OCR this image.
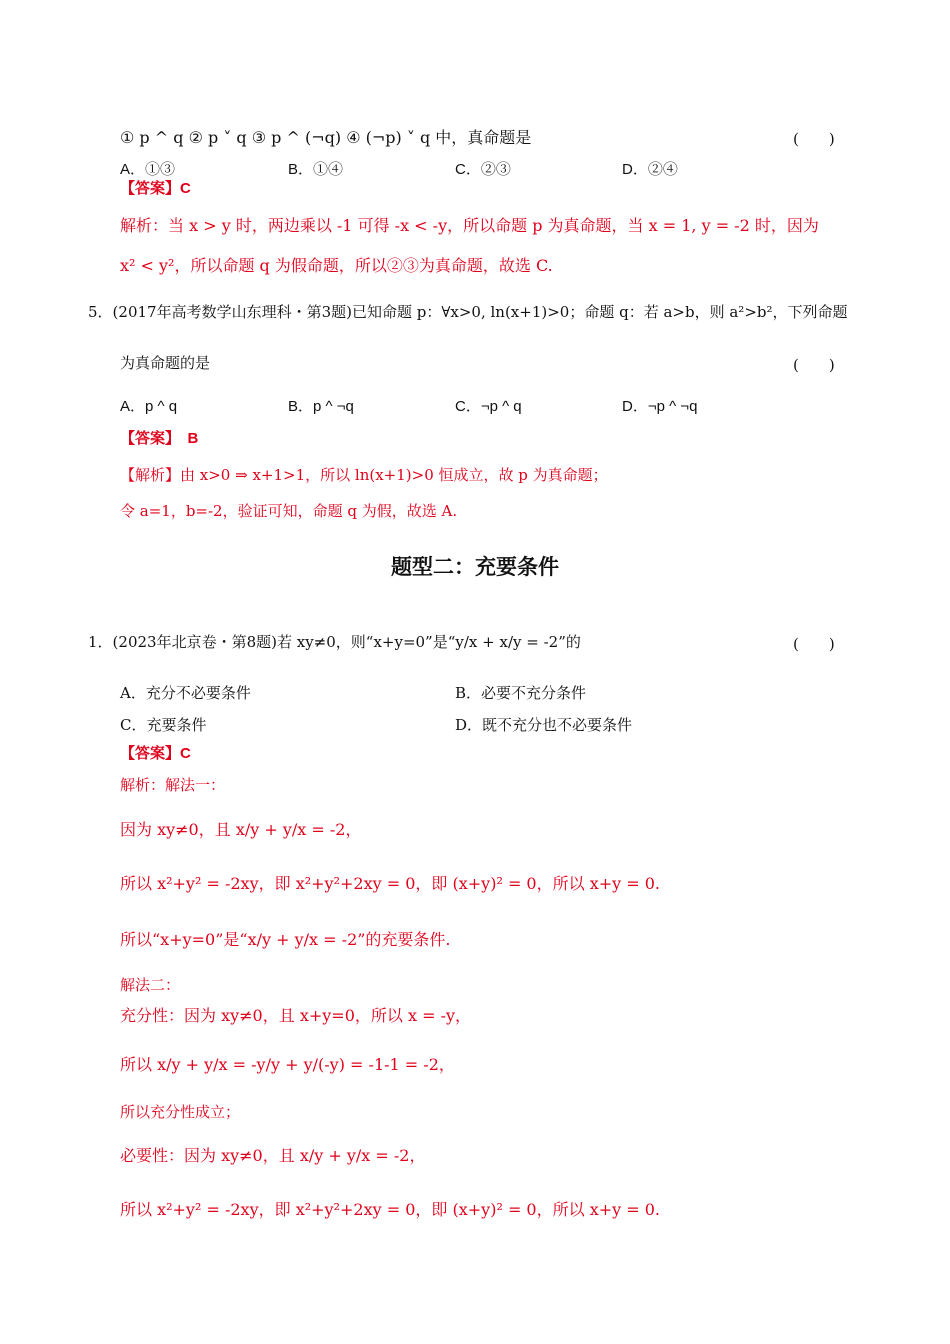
① p ^ q ② p ˅ q ③ p ^ (¬q) ④ (¬p) ˅ q 中，真命题是	(　　)
A．①③	B．①④	C．②③	D．②④
【答案】C
解析：当 x > y 时，两边乘以 -1 可得 -x < -y，所以命题 p 为真命题，当 x = 1, y = -2 时，因为
x² < y²，所以命题 q 为假命题，所以②③为真命题，故选 C.
5．(2017年高考数学山东理科・第3题)已知命题 p：∀x>0, ln(x+1)>0；命题 q：若 a>b，则 a²>b²，下列命题
为真命题的是	(　　)
A．p ^ q	B．p ^ ¬q	C．¬p ^ q	D．¬p ^ ¬q
【答案】　B
【解析】由 x>0 ⇒ x+1>1，所以 ln(x+1)>0 恒成立，故 p 为真命题；
令 a=1，b=-2，验证可知，命题 q 为假，故选 A.
题型二：充要条件
1．(2023年北京卷・第8题)若 xy≠0，则“x+y=0”是“y/x + x/y = -2”的	(　　)
A．充分不必要条件	B．必要不充分条件
C．充要条件	D．既不充分也不必要条件
【答案】C
解析：解法一：
因为 xy≠0，且 x/y + y/x = -2，
所以 x²+y² = -2xy，即 x²+y²+2xy = 0，即 (x+y)² = 0，所以 x+y = 0.
所以“x+y=0”是“x/y + y/x = -2”的充要条件.
解法二：
充分性：因为 xy≠0，且 x+y=0，所以 x = -y，
所以 x/y + y/x = -y/y + y/(-y) = -1-1 = -2，
所以充分性成立；
必要性：因为 xy≠0，且 x/y + y/x = -2，
所以 x²+y² = -2xy，即 x²+y²+2xy = 0，即 (x+y)² = 0，所以 x+y = 0.
